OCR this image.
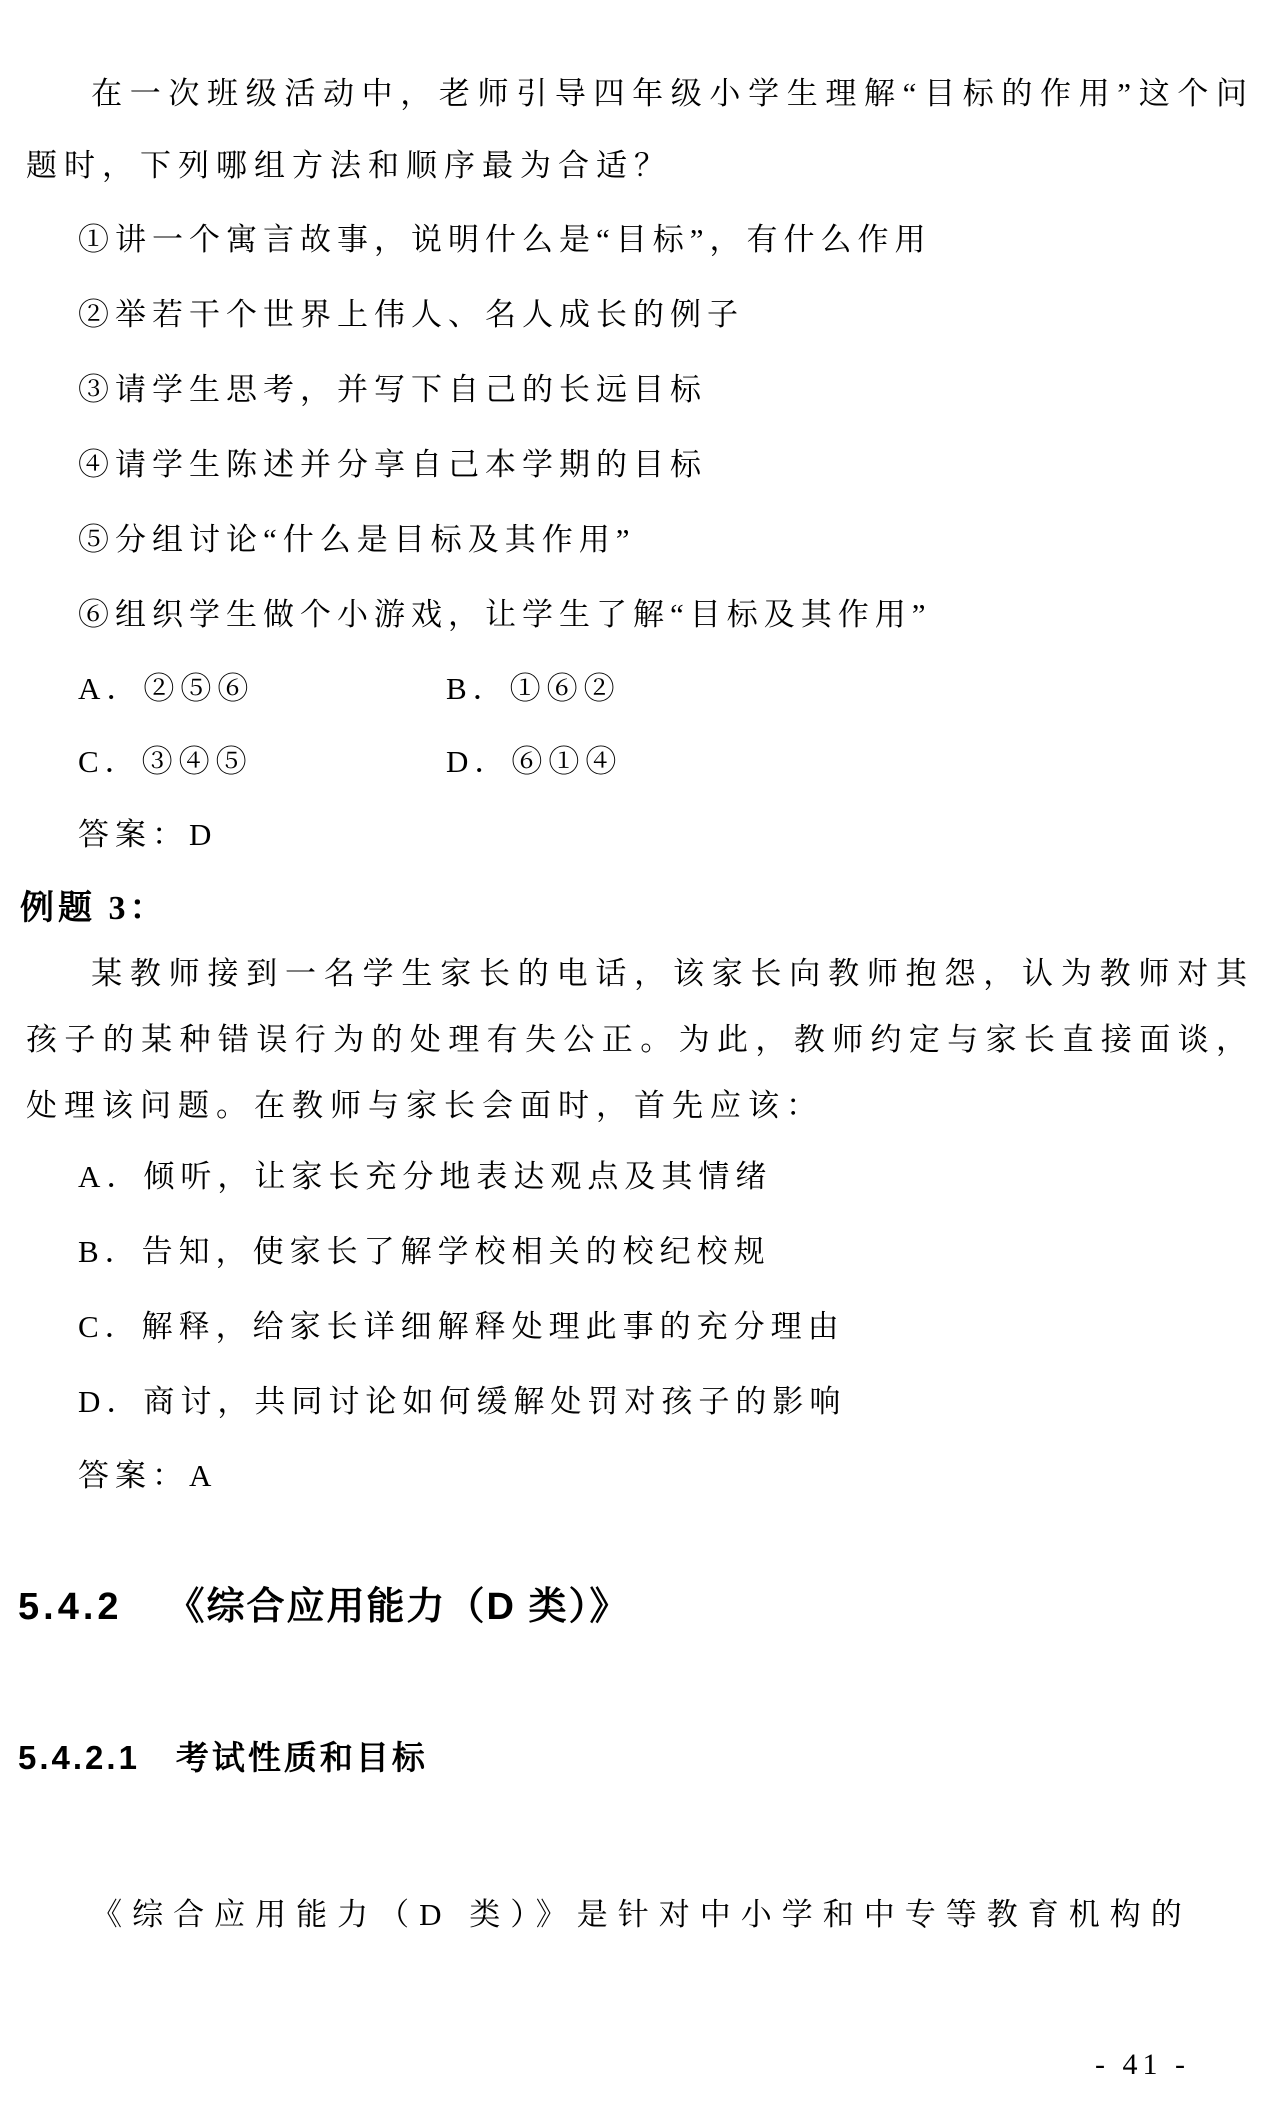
在一次班级活动中，老师引导四年级小学生理解“目标的作用”这个问题时，下列哪组方法和顺序最为合适？

①讲一个寓言故事，说明什么是“目标”，有什么作用
②举若干个世界上伟人、名人成长的例子
③请学生思考，并写下自己的长远目标
④请学生陈述并分享自己本学期的目标
⑤分组讨论“什么是目标及其作用”
⑥组织学生做个小游戏，让学生了解“目标及其作用”
A．②⑤⑥	B．①⑥②
C．③④⑤	D．⑥①④
答案：D
例题 3：

某教师接到一名学生家长的电话，该家长向教师抱怨，认为教师对其孩子的某种错误行为的处理有失公正。为此，教师约定与家长直接面谈，处理该问题。在教师与家长会面时，首先应该：

A．倾听，让家长充分地表达观点及其情绪
B．告知，使家长了解学校相关的校纪校规
C．解释，给家长详细解释处理此事的充分理由
D．商讨，共同讨论如何缓解处罚对孩子的影响
答案：A
5.4.2 《综合应用能力（D 类）》
5.4.2.1 考试性质和目标

《综合应用能力（D 类）》是针对中小学和中专等教育机构的

- 41 -
